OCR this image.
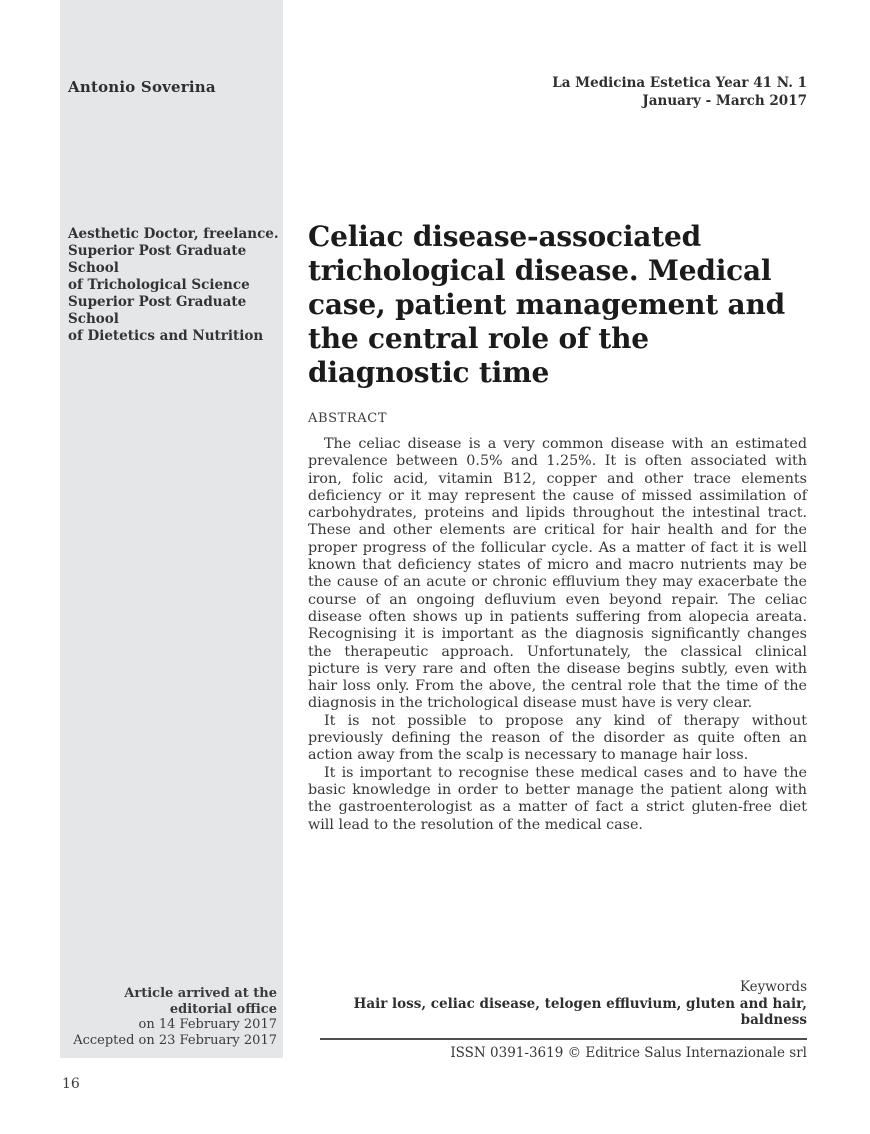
Antonio Soverina
Aesthetic Doctor, freelance.
Superior Post Graduate School
of Trichological Science
Superior Post Graduate School
of Dietetics and Nutrition
Article arrived at the editorial office
on 14 February 2017
Accepted on 23 February 2017
La Medicina Estetica Year 41 N. 1
January - March 2017
Celiac disease-associated trichological disease. Medical case, patient management and the central role of the diagnostic time
ABSTRACT

The celiac disease is a very common disease with an estimated prevalence between 0.5% and 1.25%. It is often associated with iron, folic acid, vitamin B12, copper and other trace elements deficiency or it may represent the cause of missed assimilation of carbohydrates, proteins and lipids throughout the intestinal tract. These and other elements are critical for hair health and for the proper progress of the follicular cycle. As a matter of fact it is well known that deficiency states of micro and macro nutrients may be the cause of an acute or chronic effluvium they may exacerbate the course of an ongoing defluvium even beyond repair. The celiac disease often shows up in patients suffering from alopecia areata. Recognising it is important as the diagnosis significantly changes the therapeutic approach. Unfortunately, the classical clinical picture is very rare and often the disease begins subtly, even with hair loss only. From the above, the central role that the time of the diagnosis in the trichological disease must have is very clear.

It is not possible to propose any kind of therapy without previously defining the reason of the disorder as quite often an action away from the scalp is necessary to manage hair loss.

It is important to recognise these medical cases and to have the basic knowledge in order to better manage the patient along with the gastroenterologist as a matter of fact a strict gluten-free diet will lead to the resolution of the medical case.

Keywords
Hair loss, celiac disease, telogen effluvium, gluten and hair, baldness
ISSN 0391-3619 © Editrice Salus Internazionale srl
16
